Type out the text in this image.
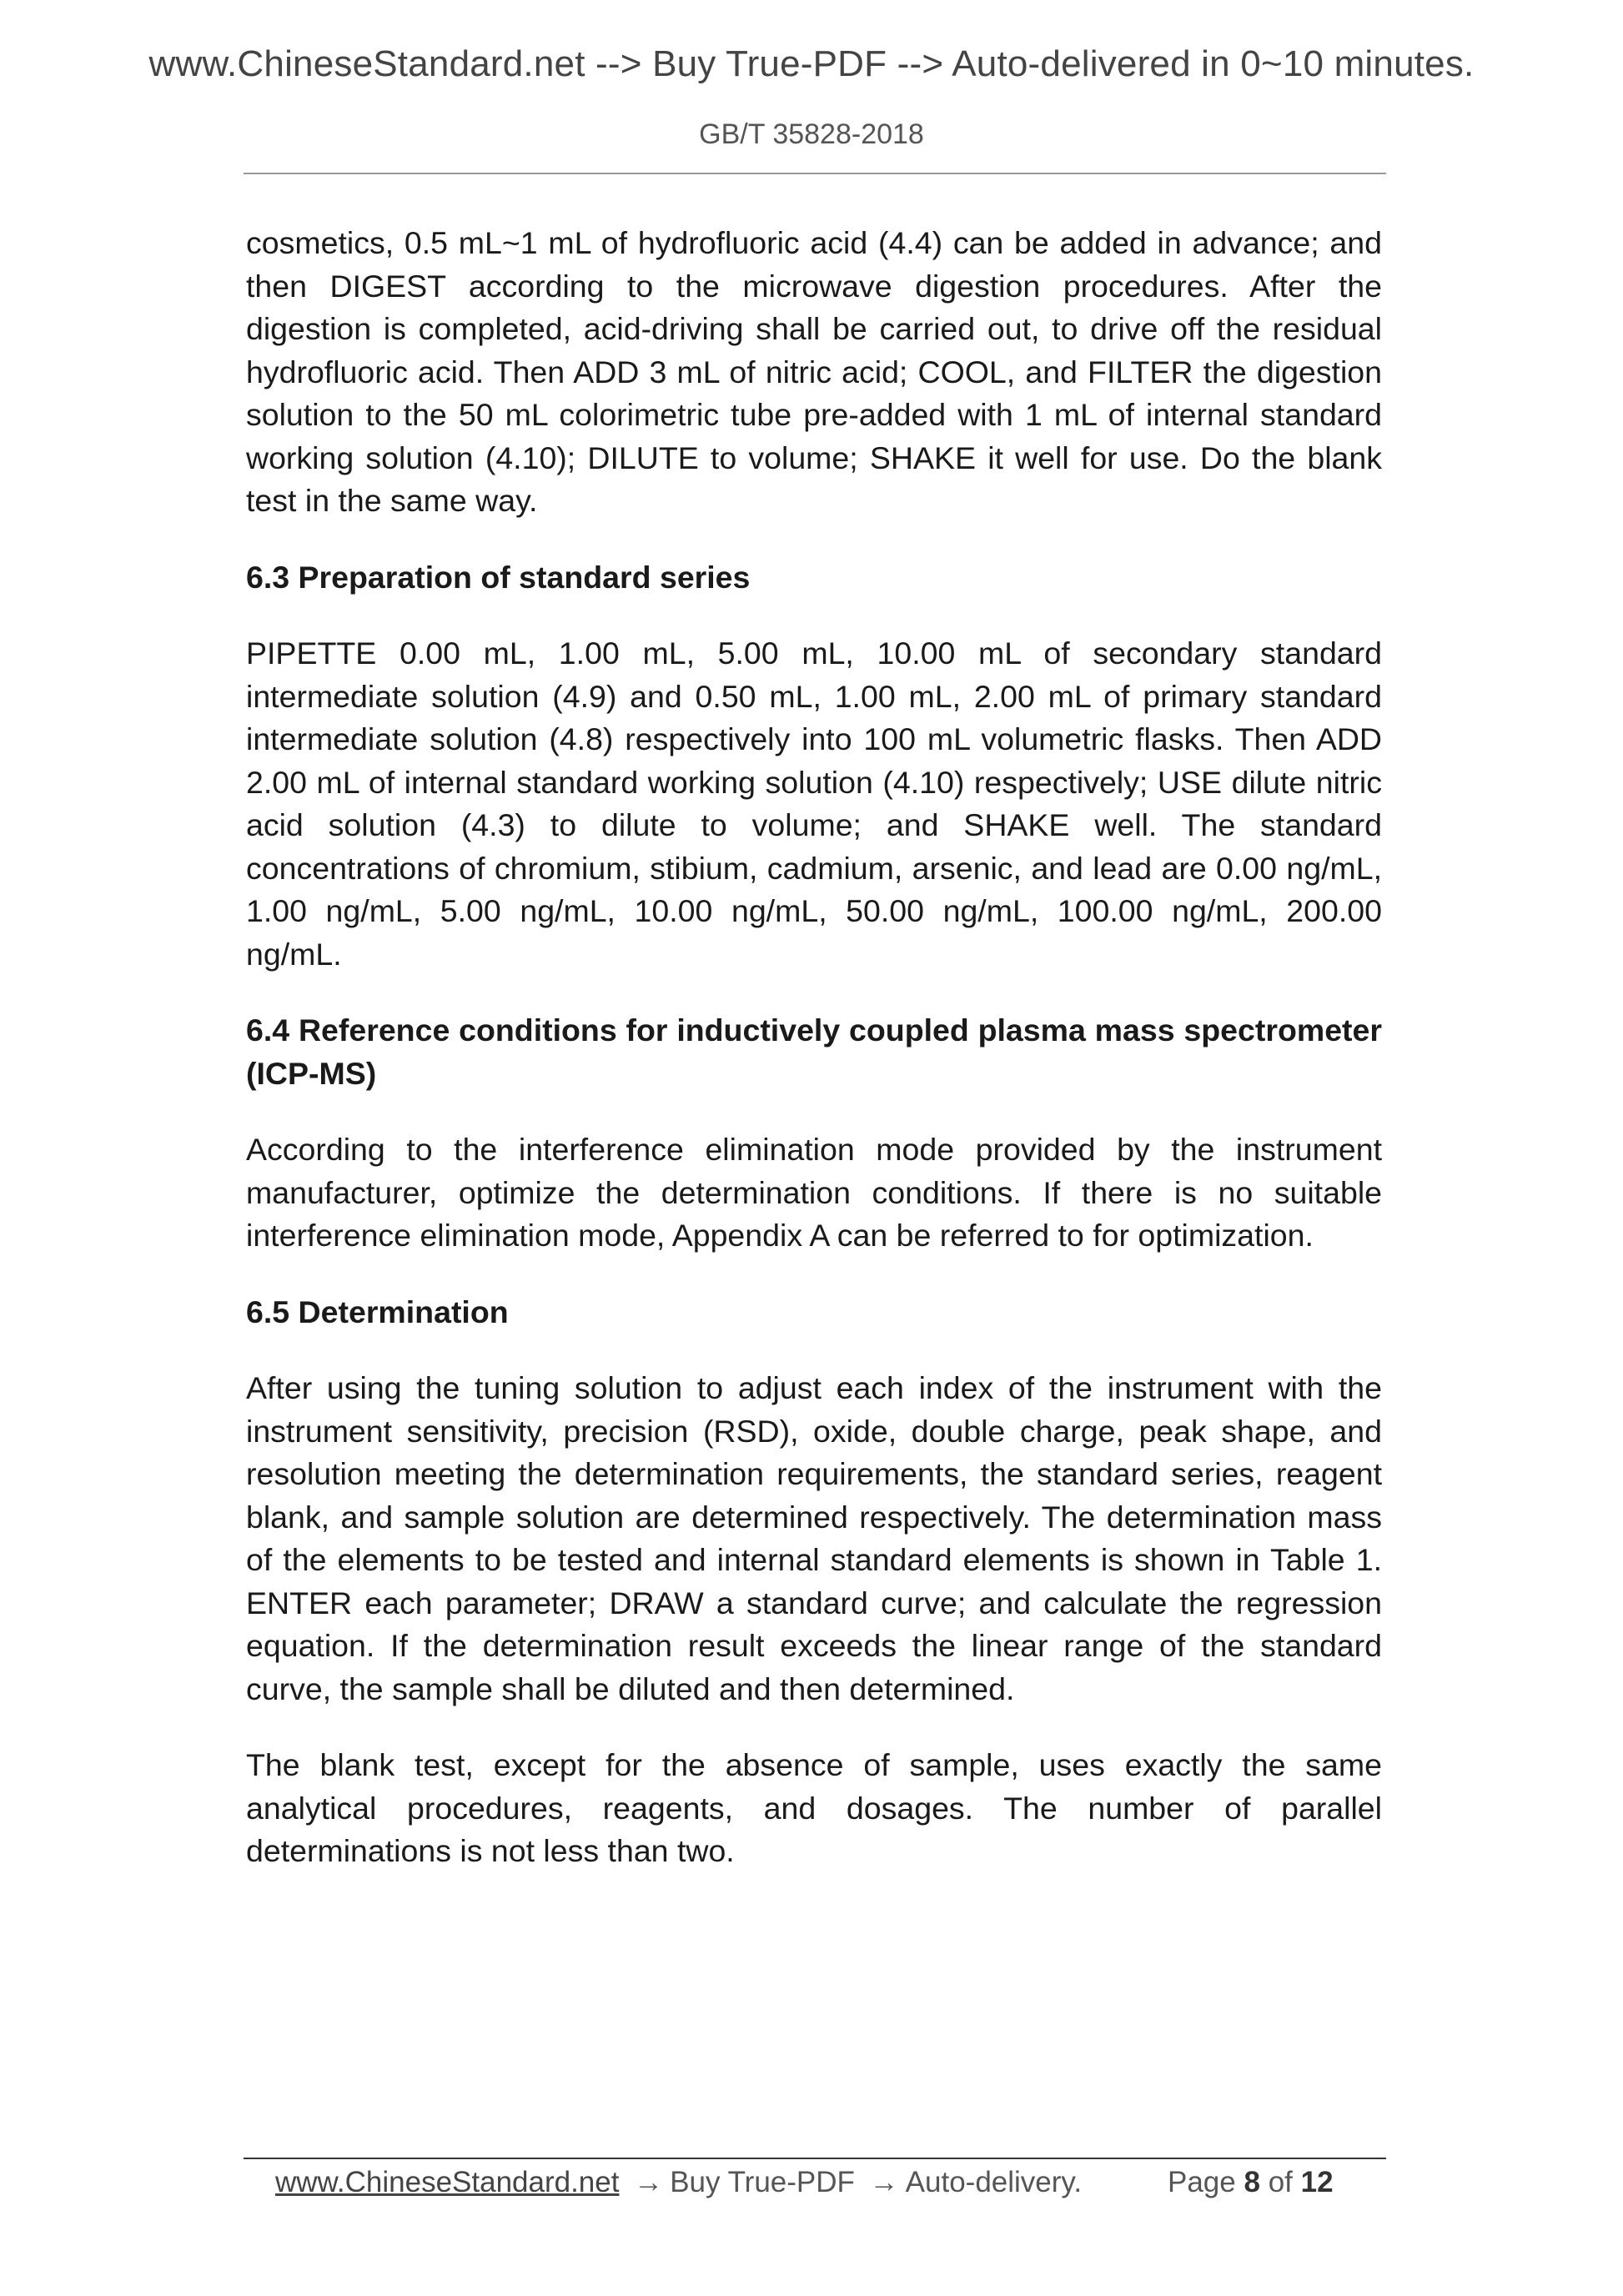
www.ChineseStandard.net --> Buy True-PDF --> Auto-delivered in 0~10 minutes.
GB/T 35828-2018

cosmetics, 0.5 mL~1 mL of hydrofluoric acid (4.4) can be added in advance; and then DIGEST according to the microwave digestion procedures. After the digestion is completed, acid-driving shall be carried out, to drive off the residual hydrofluoric acid. Then ADD 3 mL of nitric acid; COOL, and FILTER the digestion solution to the 50 mL colorimetric tube pre-added with 1 mL of internal standard working solution (4.10); DILUTE to volume; SHAKE it well for use. Do the blank test in the same way.

6.3 Preparation of standard series

PIPETTE 0.00 mL, 1.00 mL, 5.00 mL, 10.00 mL of secondary standard intermediate solution (4.9) and 0.50 mL, 1.00 mL, 2.00 mL of primary standard intermediate solution (4.8) respectively into 100 mL volumetric flasks. Then ADD 2.00 mL of internal standard working solution (4.10) respectively; USE dilute nitric acid solution (4.3) to dilute to volume; and SHAKE well. The standard concentrations of chromium, stibium, cadmium, arsenic, and lead are 0.00 ng/mL, 1.00 ng/mL, 5.00 ng/mL, 10.00 ng/mL, 50.00 ng/mL, 100.00 ng/mL, 200.00 ng/mL.

6.4 Reference conditions for inductively coupled plasma mass spectrometer (ICP-MS)

According to the interference elimination mode provided by the instrument manufacturer, optimize the determination conditions. If there is no suitable interference elimination mode, Appendix A can be referred to for optimization.

6.5 Determination

After using the tuning solution to adjust each index of the instrument with the instrument sensitivity, precision (RSD), oxide, double charge, peak shape, and resolution meeting the determination requirements, the standard series, reagent blank, and sample solution are determined respectively. The determination mass of the elements to be tested and internal standard elements is shown in Table 1. ENTER each parameter; DRAW a standard curve; and calculate the regression equation. If the determination result exceeds the linear range of the standard curve, the sample shall be diluted and then determined.

The blank test, except for the absence of sample, uses exactly the same analytical procedures, reagents, and dosages. The number of parallel determinations is not less than two.

www.ChineseStandard.net → Buy True-PDF → Auto-delivery.	Page 8 of 12
